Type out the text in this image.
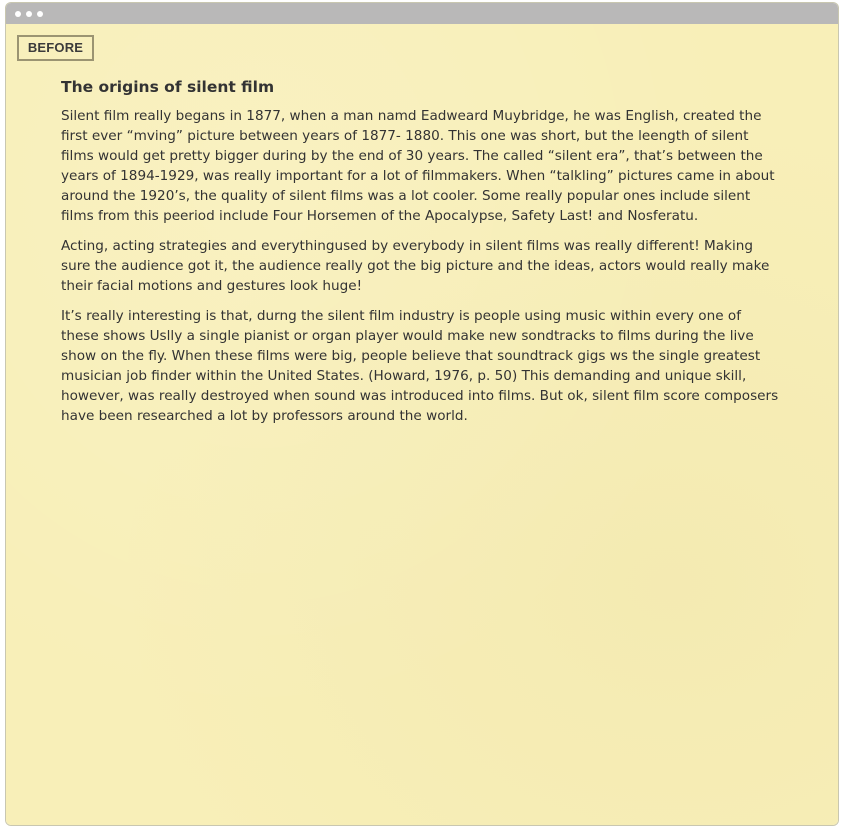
BEFORE
The origins of silent film

Silent film really begans in 1877, when a man namd Eadweard Muybridge, he was English, created the first ever “mving” picture between years of 1877- 1880. This one was short, but the leength of silent films would get pretty bigger during by the end of 30 years. The called “silent era”, that’s between the years of 1894-1929, was really important for a lot of filmmakers. When “talkling” pictures came in about around the 1920’s, the quality of silent films was a lot cooler. Some really popular ones include silent films from this peeriod include Four Horsemen of the Apocalypse, Safety Last! and Nosferatu.

Acting, acting strategies and everythingused by everybody in silent films was really different! Making sure the audience got it, the audience really got the big picture and the ideas, actors would really make their facial motions and gestures look huge!

It’s really interesting is that, durng the silent film industry is people using music within every one of these shows Uslly a single pianist or organ player would make new sondtracks to films during the live show on the fly. When these films were big, people believe that soundtrack gigs ws the single greatest musician job finder within the United States. (Howard, 1976, p. 50) This demanding and unique skill, however, was really destroyed when sound was introduced into films. But ok, silent film score composers have been researched a lot by professors around the world.
